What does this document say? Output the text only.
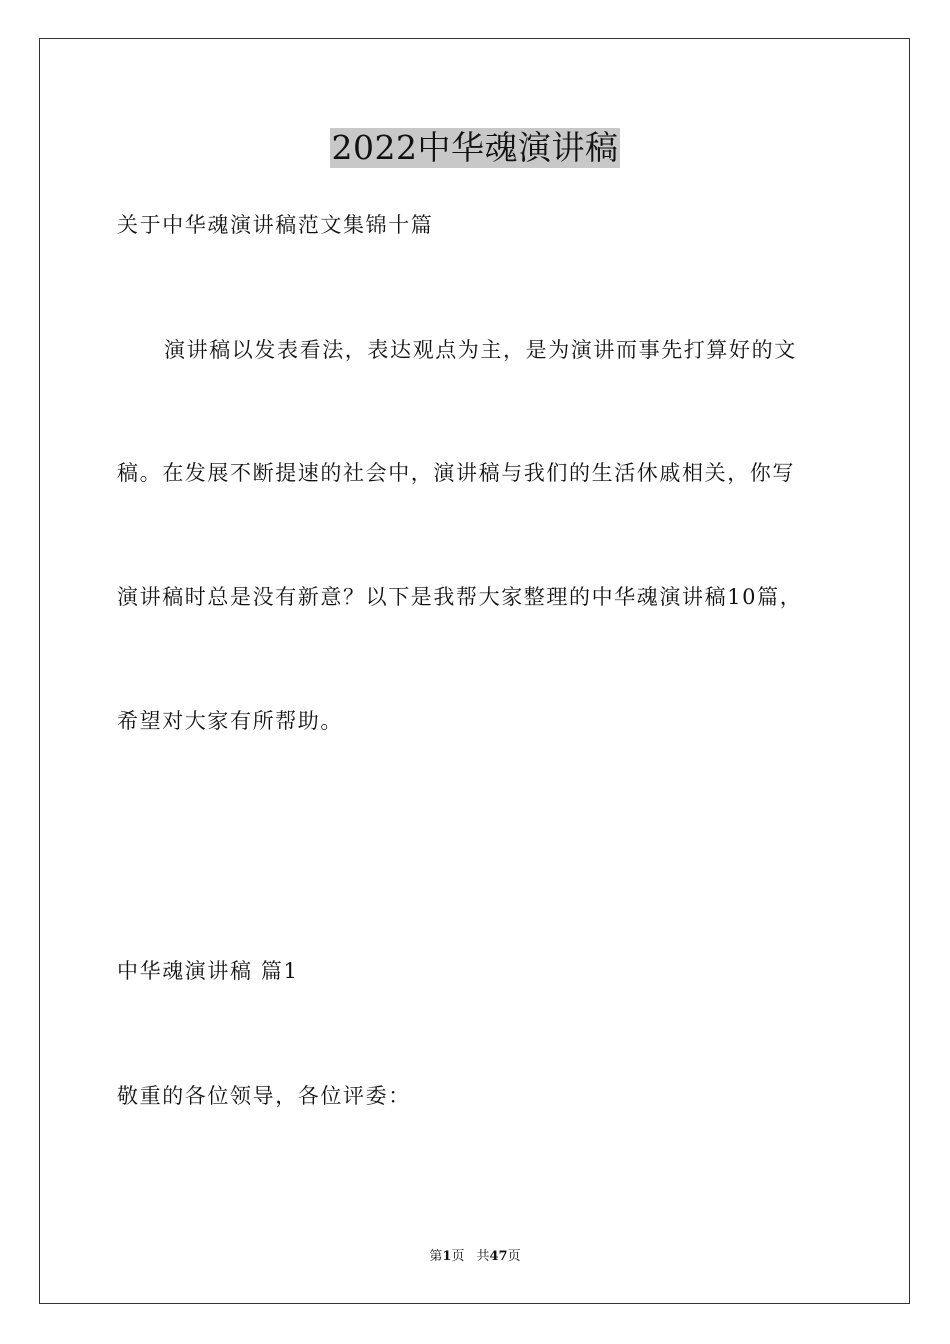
2022中华魂演讲稿
关于中华魂演讲稿范文集锦十篇
演讲稿以发表看法，表达观点为主，是为演讲而事先打算好的文
稿。在发展不断提速的社会中，演讲稿与我们的生活休戚相关，你写
演讲稿时总是没有新意？以下是我帮大家整理的中华魂演讲稿10篇，
希望对大家有所帮助。
中华魂演讲稿 篇1
敬重的各位领导，各位评委：
第1页 共47页
